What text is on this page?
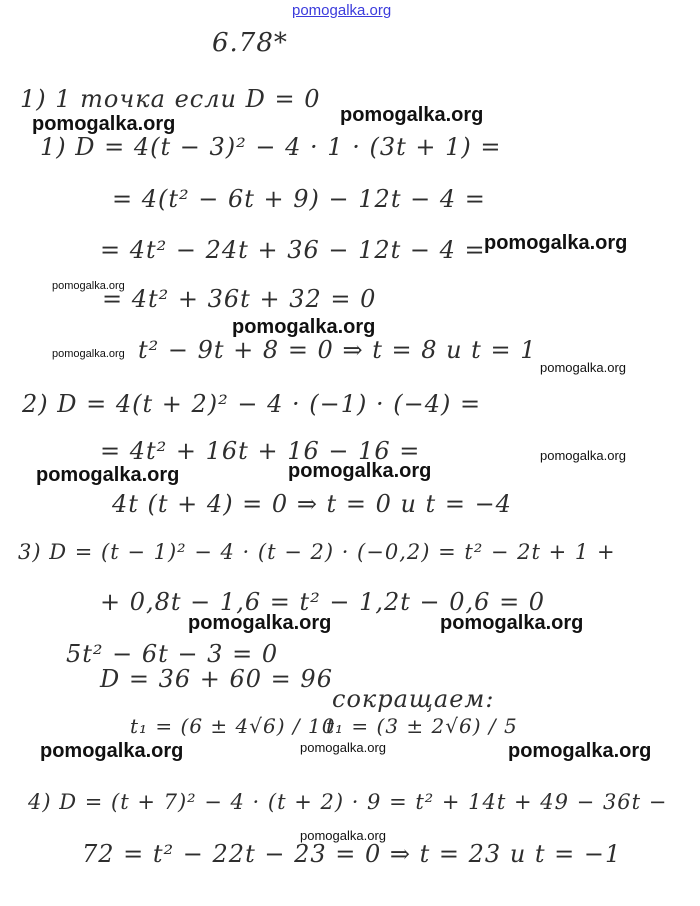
pomogalka.org
6.78*
1) 1 точка если D = 0
1) D = 4(t − 3)² − 4 · 1 · (3t + 1) =
= 4(t² − 6t + 9) − 12t − 4 =
= 4t² − 24t + 36 − 12t − 4 =
= 4t² + 36t + 32 = 0
t² − 9t + 8 = 0 ⇒ t = 8 и t = 1
2) D = 4(t + 2)² − 4 · (−1) · (−4) =
= 4t² + 16t + 16 − 16 =
4t (t + 4) = 0 ⇒ t = 0 и t = −4
3) D = (t − 1)² − 4 · (t − 2) · (−0,2) = t² − 2t + 1 +
+ 0,8t − 1,6 = t² − 1,2t − 0,6 = 0
5t² − 6t − 3 = 0
D = 36 + 60 = 96
сокращаем:
t₁ = (6 ± 4√6) / 10
t₁ = (3 ± 2√6) / 5
4) D = (t + 7)² − 4 · (t + 2) · 9 = t² + 14t + 49 − 36t −
72 = t² − 22t − 23 = 0 ⇒ t = 23 и t = −1
pomogalka.org	pomogalka.org
pomogalka.org
pomogalka.org
pomogalka.org
pomogalka.org
pomogalka.org
pomogalka.org
pomogalka.org	pomogalka.org
pomogalka.org	pomogalka.org
pomogalka.org	pomogalka.org	pomogalka.org
pomogalka.org
